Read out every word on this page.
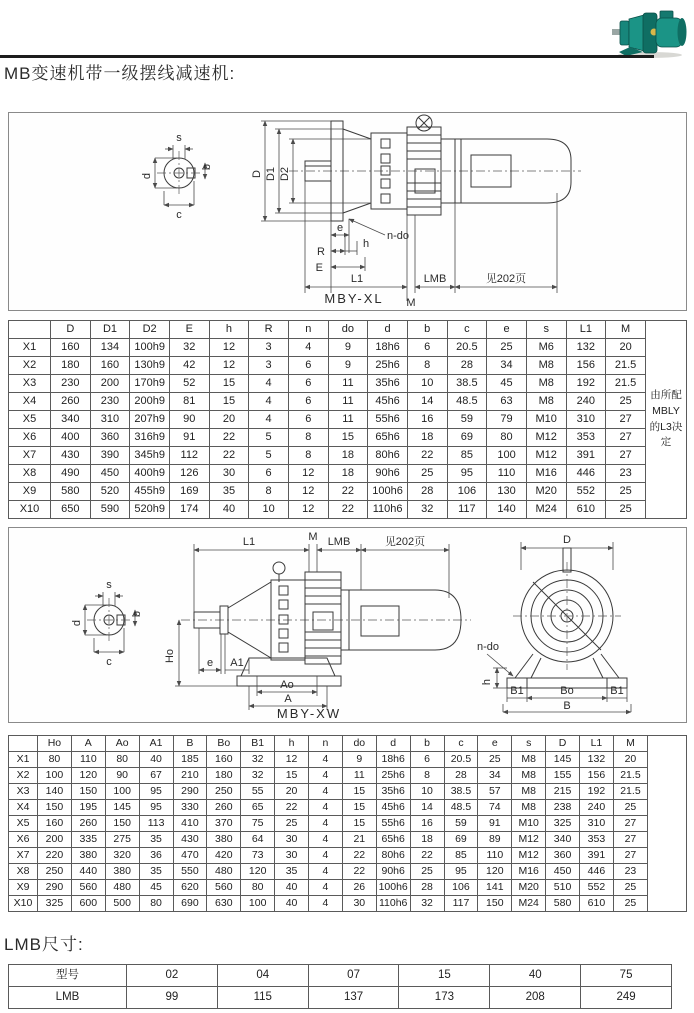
MB变速机带一级摆线减速机:
s
d
b
c
D D1 D2
n-do
e
R
h
E
L1	LMB	见202页
M
MBY-XL
	D	D1	D2	E	h	R	n	do	d	b	c	e	s	L1	M	由所配MBLY的L3决定
X1	160	134	100h9	32	12	3	4	9	18h6	6	20.5	25	M6	132	20	
X2	180	160	130h9	42	12	3	6	9	25h6	8	28	34	M8	156	21.5	
X3	230	200	170h9	52	15	4	6	11	35h6	10	38.5	45	M8	192	21.5	
X4	260	230	200h9	81	15	4	6	11	45h6	14	48.5	63	M8	240	25	
X5	340	310	207h9	90	20	4	6	11	55h6	16	59	79	M10	310	27	
X6	400	360	316h9	91	22	5	8	15	65h6	18	69	80	M12	353	27	
X7	430	390	345h9	112	22	5	8	18	80h6	22	85	100	M12	391	27	
X8	490	450	400h9	126	30	6	12	18	90h6	25	95	110	M16	446	23	
X9	580	520	455h9	169	35	8	12	22	100h6	28	106	130	M20	552	25	
X10	650	590	520h9	174	40	10	12	22	110h6	32	117	140	M24	610	25	
s
d
b
c
L1	M LMB	见202页
Ho	e A1
Ao
A
D
n-do
h
B1	Bo	B1
B
MBY-XW
	Ho	A	Ao	A1	B	Bo	B1	h	n	do	d	b	c	e	s	D	L1	M	
X1	80	110	80	40	185	160	32	12	4	9	18h6	6	20.5	25	M8	145	132	20	
X2	100	120	90	67	210	180	32	15	4	11	25h6	8	28	34	M8	155	156	21.5	
X3	140	150	100	95	290	250	55	20	4	15	35h6	10	38.5	57	M8	215	192	21.5	
X4	150	195	145	95	330	260	65	22	4	15	45h6	14	48.5	74	M8	238	240	25	
X5	160	260	150	113	410	370	75	25	4	15	55h6	16	59	91	M10	325	310	27	
X6	200	335	275	35	430	380	64	30	4	21	65h6	18	69	89	M12	340	353	27	
X7	220	380	320	36	470	420	73	30	4	22	80h6	22	85	110	M12	360	391	27	
X8	250	440	380	35	550	480	120	35	4	22	90h6	25	95	120	M16	450	446	23	
X9	290	560	480	45	620	560	80	40	4	26	100h6	28	106	141	M20	510	552	25	
X10	325	600	500	80	690	630	100	40	4	30	110h6	32	117	150	M24	580	610	25	
LMB尺寸:
型号	02	04	07	15	40	75
LMB	99	115	137	173	208	249
